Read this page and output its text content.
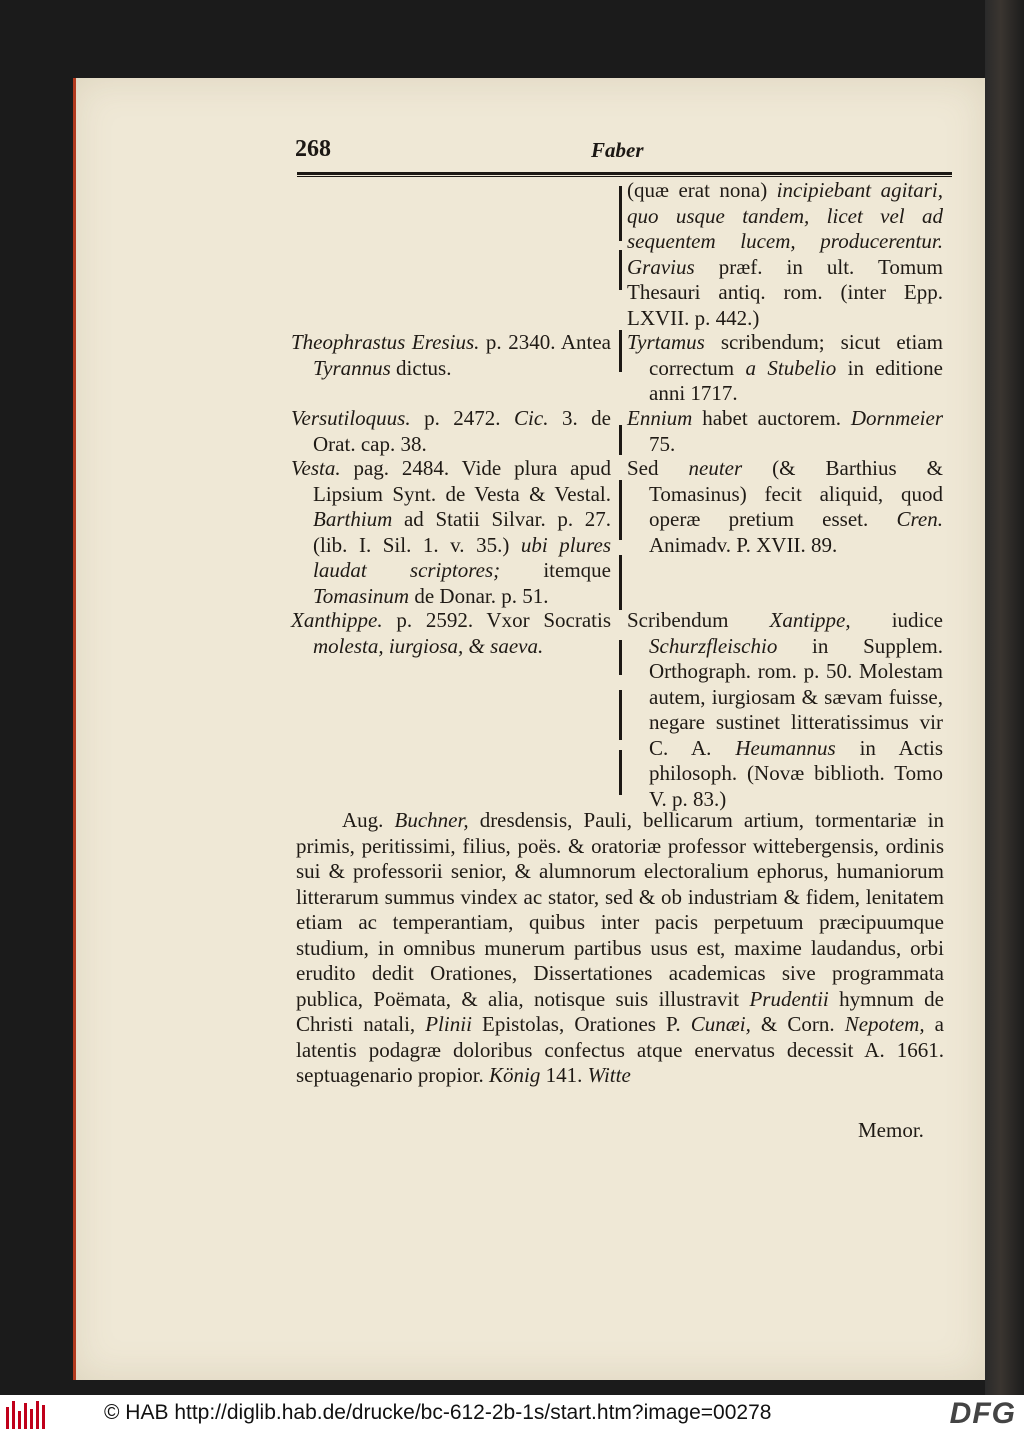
268	Faber

Theophrastus Eresius. p. 2340. Antea Tyrannus dictus.

Versutiloquus. p. 2472. Cic. 3. de Orat. cap. 38.

Vesta. pag. 2484. Vide plura apud Lipsium Synt. de Vesta & Vestal. Barthium ad Statii Silvar. p. 27. (lib. I. Sil. 1. v. 35.) ubi plures laudat scriptores; itemque Tomasinum de Donar. p. 51.

Xanthippe. p. 2592. Vxor Socratis molesta, iurgiosa, & saeva.

(quæ erat nona) incipiebant agitari, quo usque tandem, licet vel ad sequentem lucem, producerentur. Gravius præf. in ult. Tomum Thesauri antiq. rom. (inter Epp. LXVII. p. 442.)

Tyrtamus scribendum; sicut etiam correctum a Stubelio in editione anni 1717.

Ennium habet auctorem. Dornmeier 75.

Sed neuter (& Barthius & Tomasinus) fecit aliquid, quod operæ pretium esset. Cren. Animadv. P. XVII. 89.

Scribendum Xantippe, iudice Schurzfleischio in Supplem. Orthograph. rom. p. 50. Molestam autem, iurgiosam & sævam fuisse, negare sustinet litteratissimus vir C. A. Heumannus in Actis philosoph. (Novæ biblioth. Tomo V. p. 83.)

Aug. Buchner, dresdensis, Pauli, bellicarum artium, tormentariæ in primis, peritissimi, filius, poës. & oratoriæ professor wittebergensis, ordinis sui & professorii senior, & alumnorum electoralium ephorus, humaniorum litterarum summus vindex ac stator, sed & ob industriam & fidem, lenitatem etiam ac temperantiam, quibus inter pacis perpetuum præcipuumque studium, in omnibus munerum partibus usus est, maxime laudandus, orbi erudito dedit Orationes, Dissertationes academicas sive programmata publica, Poëmata, & alia, notisque suis illustravit Prudentii hymnum de Christi natali, Plinii Epistolas, Orationes P. Cunæi, & Corn. Nepotem, a latentis podagræ doloribus confectus atque enervatus decessit A. 1661. septuagenario propior. König 141. Witte
Memor.
© HAB http://diglib.hab.de/drucke/bc-612-2b-1s/start.htm?image=00278	DFG
